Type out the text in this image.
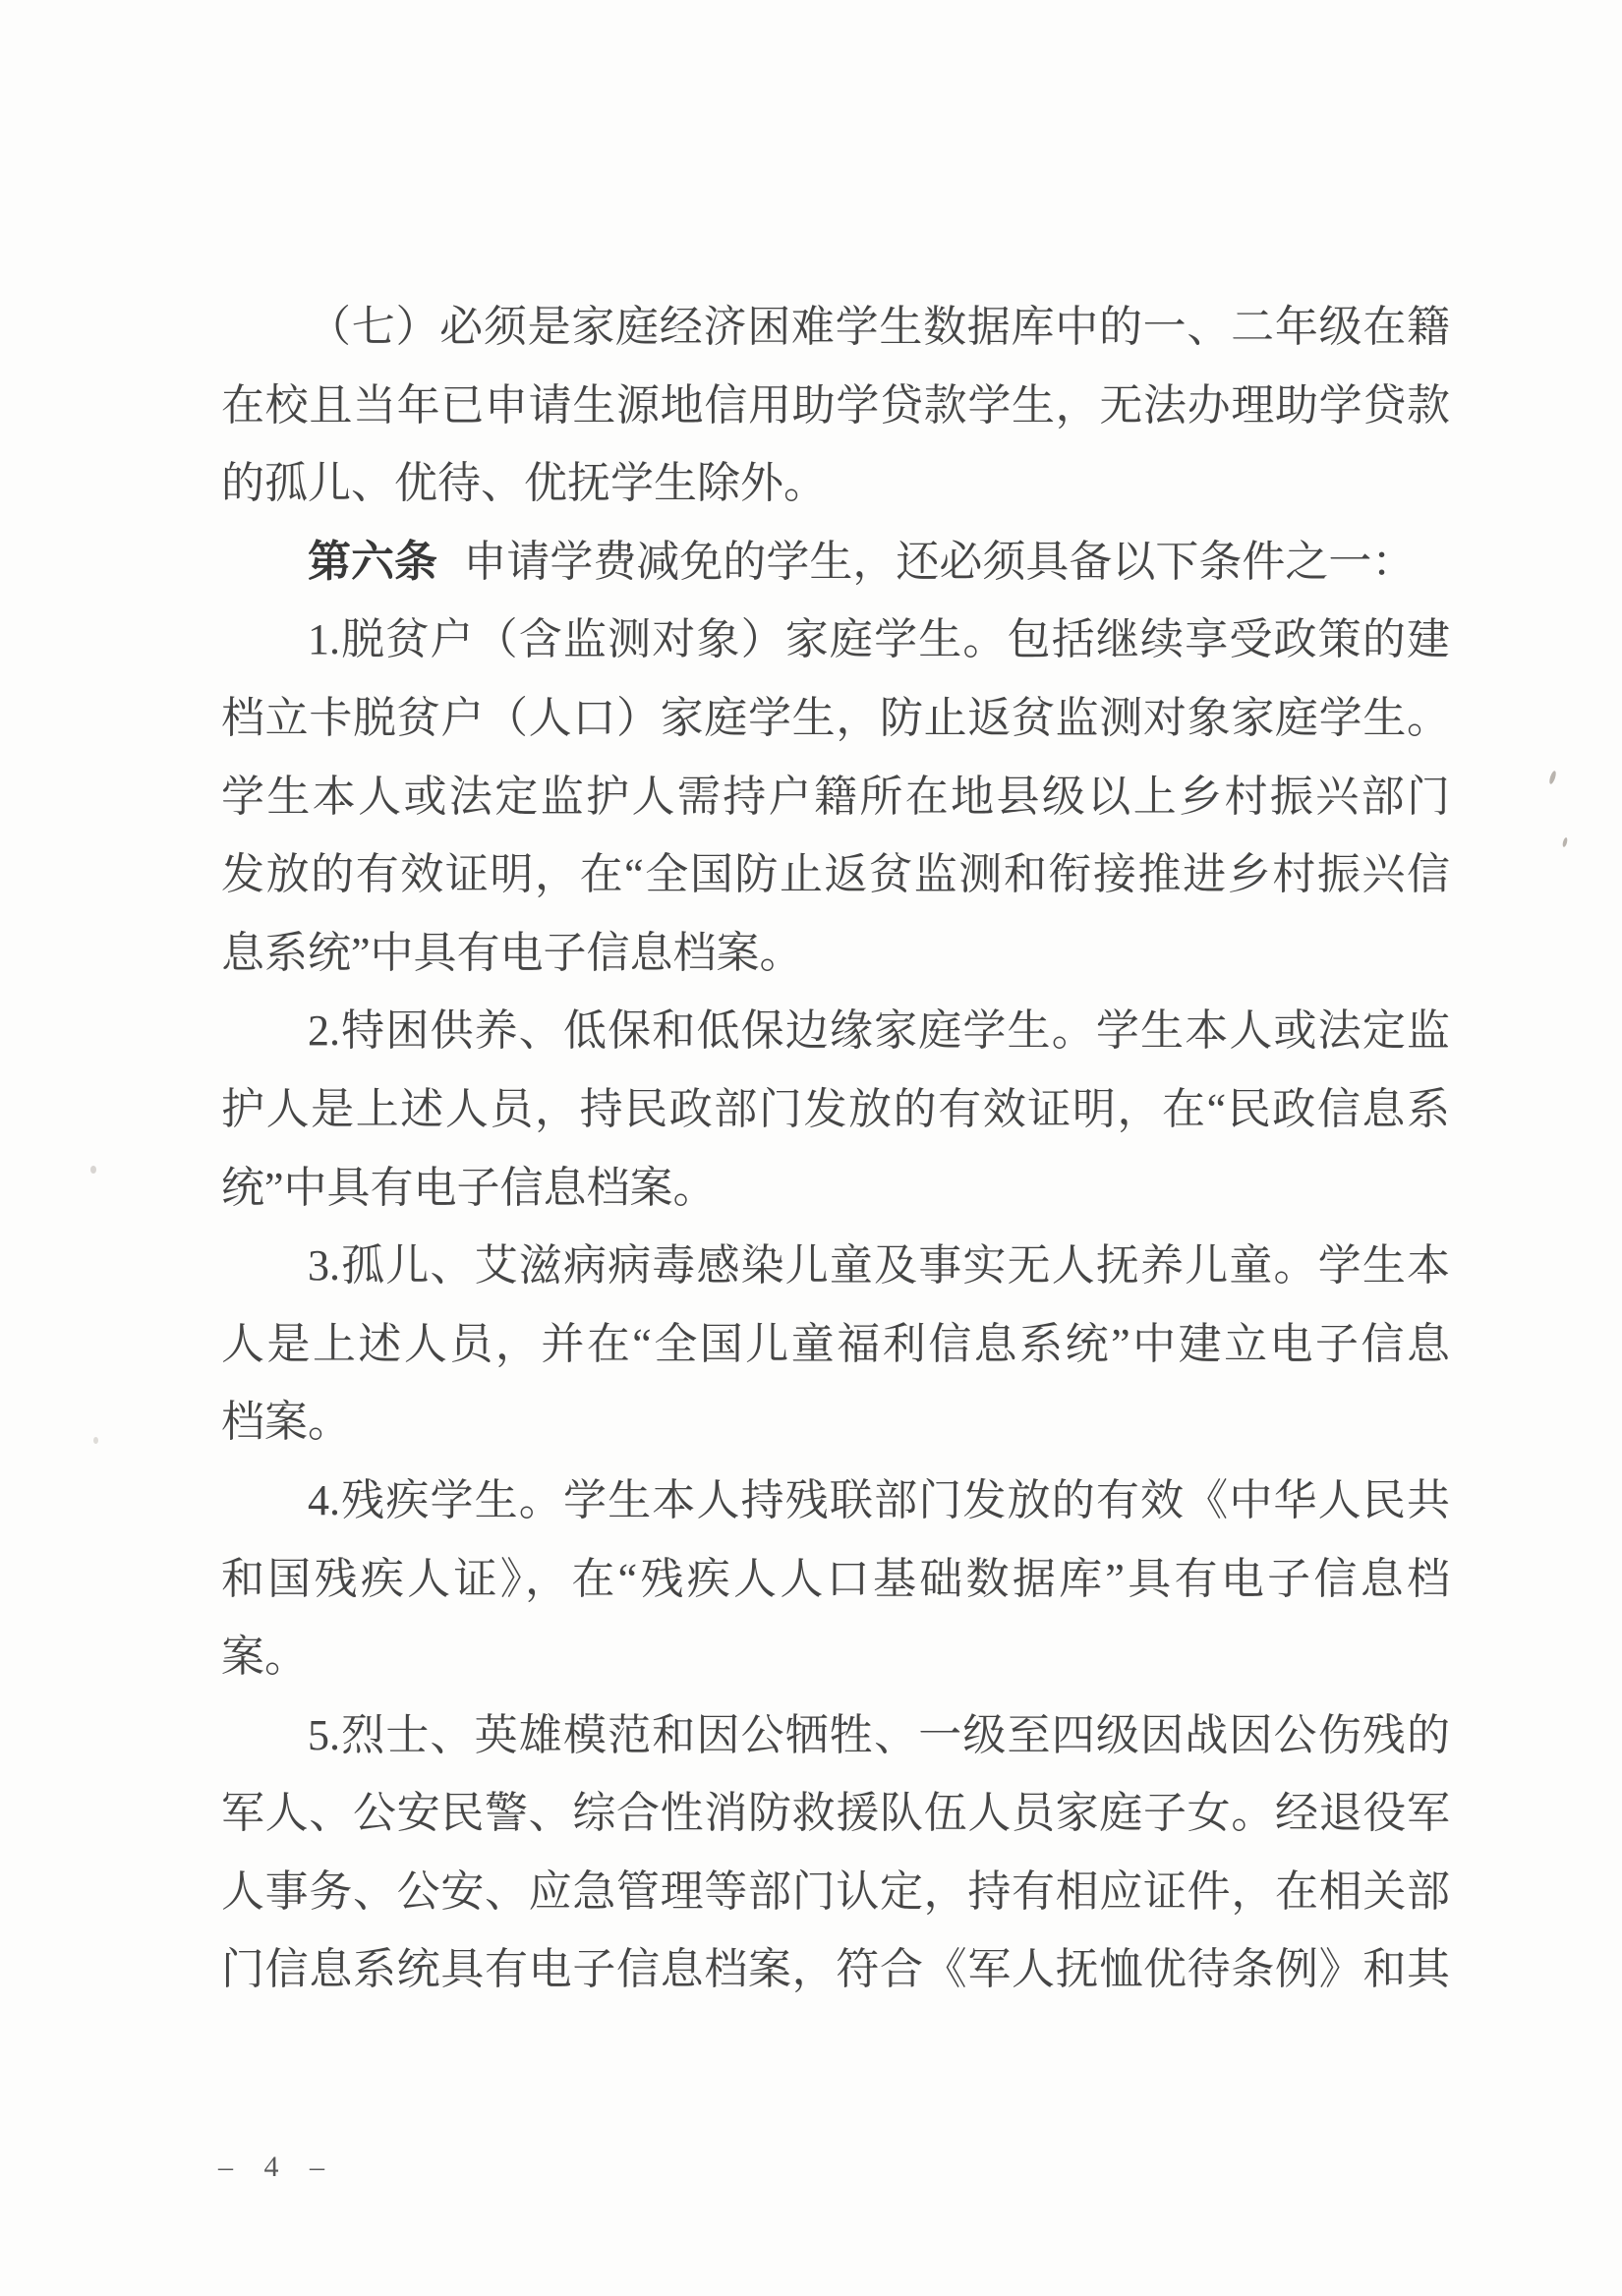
（七）必须是家庭经济困难学生数据库中的一、二年级在籍
在校且当年已申请生源地信用助学贷款学生，无法办理助学贷款
的孤儿、优待、优抚学生除外。
第六条 申请学费减免的学生，还必须具备以下条件之一：
1.脱贫户（含监测对象）家庭学生。包括继续享受政策的建
档立卡脱贫户（人口）家庭学生，防止返贫监测对象家庭学生。
学生本人或法定监护人需持户籍所在地县级以上乡村振兴部门
发放的有效证明，在“全国防止返贫监测和衔接推进乡村振兴信
息系统”中具有电子信息档案。
2.特困供养、低保和低保边缘家庭学生。学生本人或法定监
护人是上述人员，持民政部门发放的有效证明，在“民政信息系
统”中具有电子信息档案。
3.孤儿、艾滋病病毒感染儿童及事实无人抚养儿童。学生本
人是上述人员，并在“全国儿童福利信息系统”中建立电子信息
档案。
4.残疾学生。学生本人持残联部门发放的有效《中华人民共
和国残疾人证》，在“残疾人人口基础数据库”具有电子信息档
案。
5.烈士、英雄模范和因公牺牲、一级至四级因战因公伤残的
军人、公安民警、综合性消防救援队伍人员家庭子女。经退役军
人事务、公安、应急管理等部门认定，持有相应证件，在相关部
门信息系统具有电子信息档案，符合《军人抚恤优待条例》和其
– 4 –
